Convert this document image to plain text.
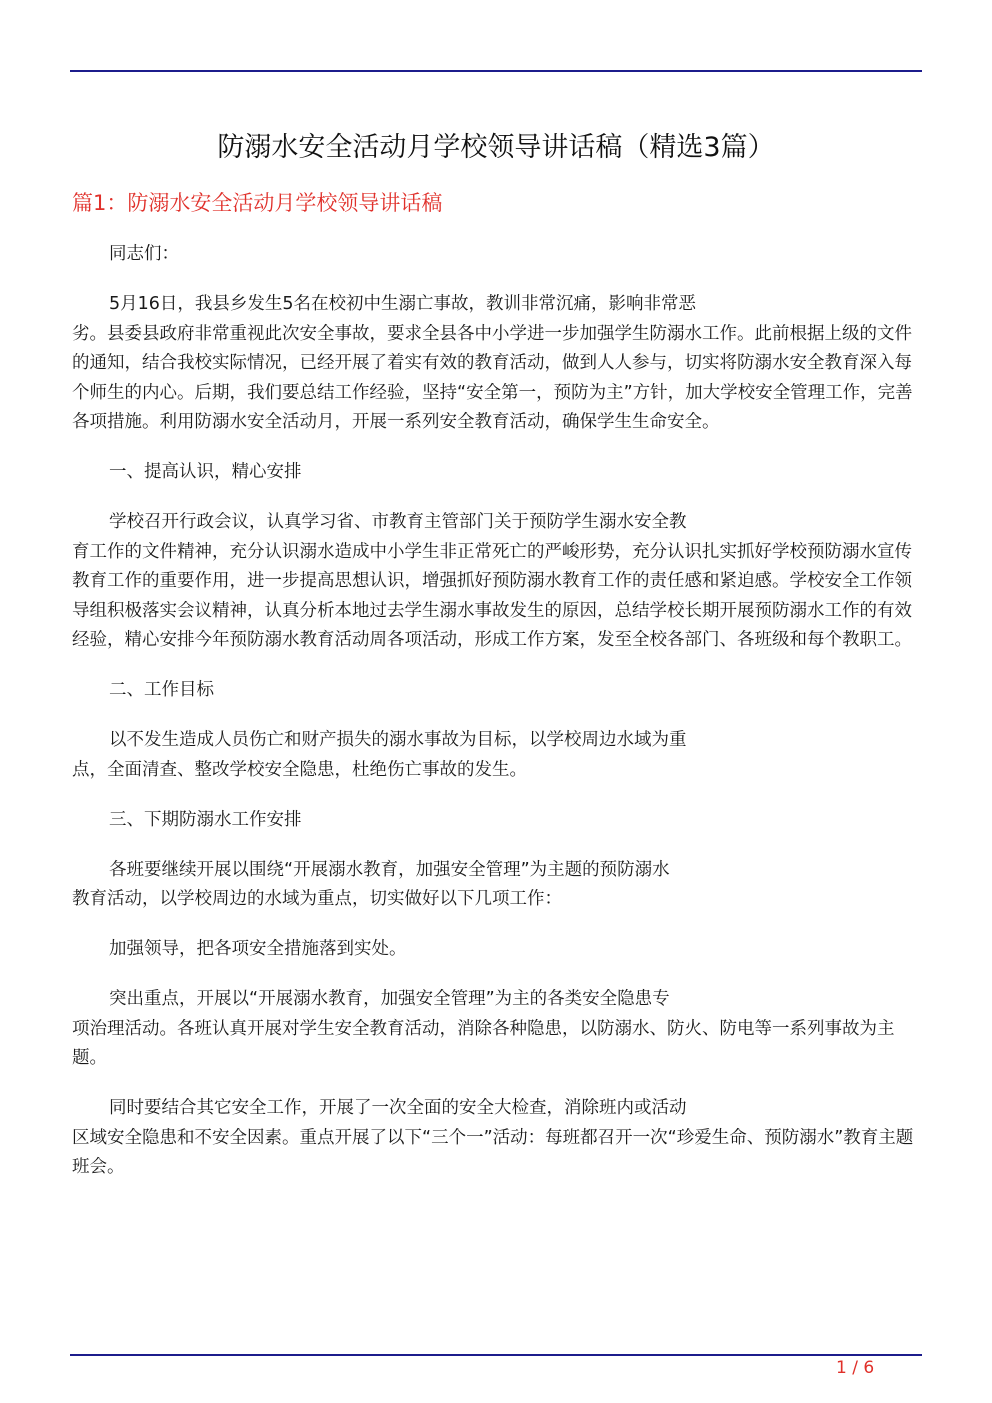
防溺水安全活动月学校领导讲话稿（精选3篇）
篇1：防溺水安全活动月学校领导讲话稿

同志们：

5月16日，我县乡发生5名在校初中生溺亡事故，教训非常沉痛，影响非常恶
劣。县委县政府非常重视此次安全事故，要求全县各中小学进一步加强学生防溺水工作。此前根据上级的文件的通知，结合我校实际情况，已经开展了着实有效的教育活动，做到人人参与，切实将防溺水安全教育深入每个师生的内心。后期，我们要总结工作经验，坚持“安全第一，预防为主”方针，加大学校安全管理工作，完善各项措施。利用防溺水安全活动月，开展一系列安全教育活动，确保学生生命安全。

一、提高认识，精心安排

学校召开行政会议，认真学习省、市教育主管部门关于预防学生溺水安全教
育工作的文件精神，充分认识溺水造成中小学生非正常死亡的严峻形势，充分认识扎实抓好学校预防溺水宣传教育工作的重要作用，进一步提高思想认识，增强抓好预防溺水教育工作的责任感和紧迫感。学校安全工作领导组积极落实会议精神，认真分析本地过去学生溺水事故发生的原因，总结学校长期开展预防溺水工作的有效经验，精心安排今年预防溺水教育活动周各项活动，形成工作方案，发至全校各部门、各班级和每个教职工。

二、工作目标

以不发生造成人员伤亡和财产损失的溺水事故为目标，以学校周边水域为重
点，全面清查、整改学校安全隐患，杜绝伤亡事故的发生。

三、下期防溺水工作安排

各班要继续开展以围绕“开展溺水教育，加强安全管理”为主题的预防溺水
教育活动，以学校周边的水域为重点，切实做好以下几项工作：

加强领导，把各项安全措施落到实处。

突出重点，开展以“开展溺水教育，加强安全管理”为主的各类安全隐患专
项治理活动。各班认真开展对学生安全教育活动，消除各种隐患，以防溺水、防火、防电等一系列事故为主题。

同时要结合其它安全工作，开展了一次全面的安全大检查，消除班内或活动
区域安全隐患和不安全因素。重点开展了以下“三个一”活动：每班都召开一次“珍爱生命、预防溺水”教育主题班会。

1 / 6
